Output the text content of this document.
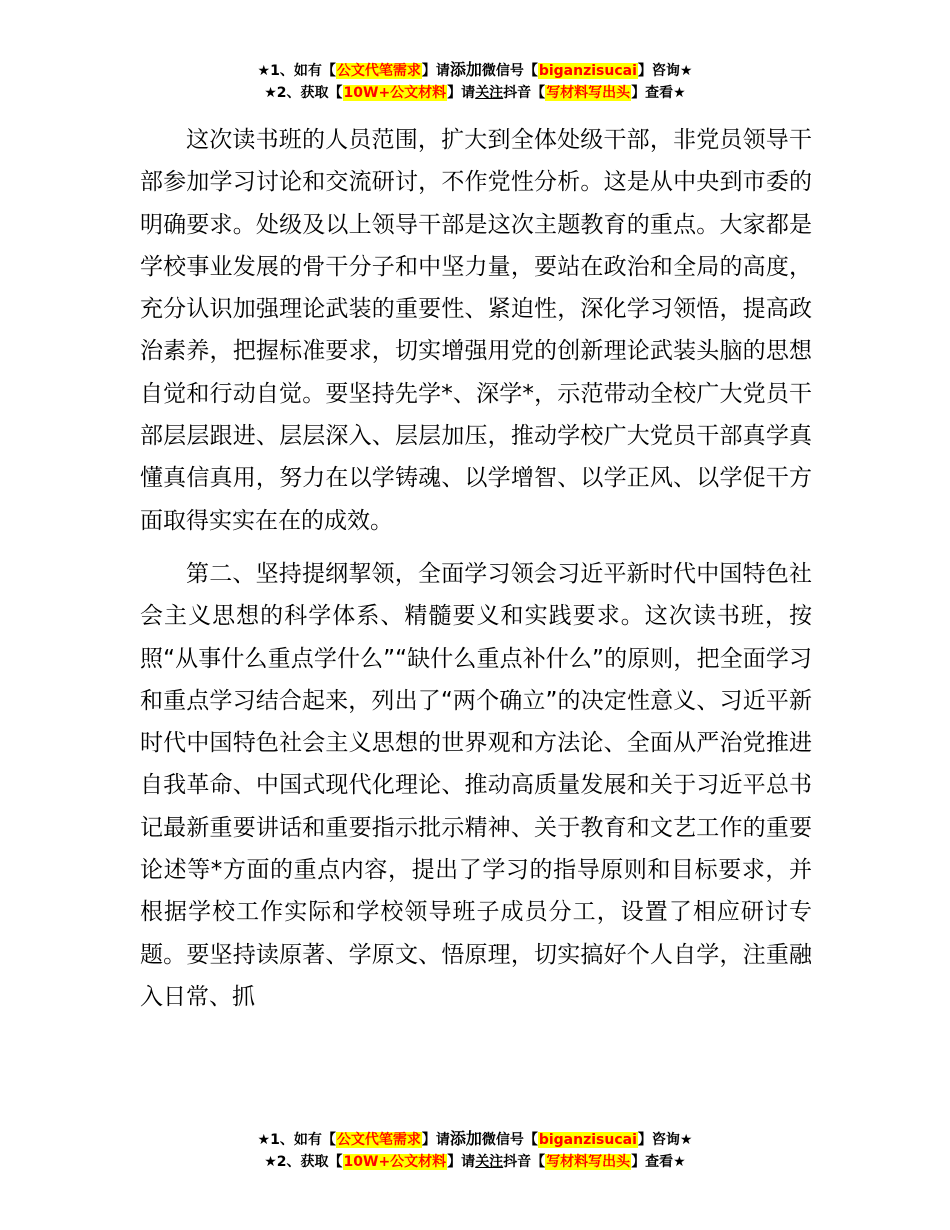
★1、如有【公文代笔需求】请添加微信号【biganzisucai】咨询★
★2、获取【10W+公文材料】请关注抖音【写材料写出头】查看★

这次读书班的人员范围，扩大到全体处级干部，非党员领导干部参加学习讨论和交流研讨，不作党性分析。这是从中央到市委的明确要求。处级及以上领导干部是这次主题教育的重点。大家都是学校事业发展的骨干分子和中坚力量，要站在政治和全局的高度，充分认识加强理论武装的重要性、紧迫性，深化学习领悟，提高政治素养，把握标准要求，切实增强用党的创新理论武装头脑的思想自觉和行动自觉。要坚持先学*、深学*，示范带动全校广大党员干部层层跟进、层层深入、层层加压，推动学校广大党员干部真学真懂真信真用，努力在以学铸魂、以学增智、以学正风、以学促干方面取得实实在在的成效。

第二、坚持提纲挈领，全面学习领会习近平新时代中国特色社会主义思想的科学体系、精髓要义和实践要求。这次读书班，按照“从事什么重点学什么”“缺什么重点补什么”的原则，把全面学习和重点学习结合起来，列出了“两个确立”的决定性意义、习近平新时代中国特色社会主义思想的世界观和方法论、全面从严治党推进自我革命、中国式现代化理论、推动高质量发展和关于习近平总书记最新重要讲话和重要指示批示精神、关于教育和文艺工作的重要论述等*方面的重点内容，提出了学习的指导原则和目标要求，并根据学校工作实际和学校领导班子成员分工，设置了相应研讨专题。要坚持读原著、学原文、悟原理，切实搞好个人自学，注重融入日常、抓

★1、如有【公文代笔需求】请添加微信号【biganzisucai】咨询★
★2、获取【10W+公文材料】请关注抖音【写材料写出头】查看★
